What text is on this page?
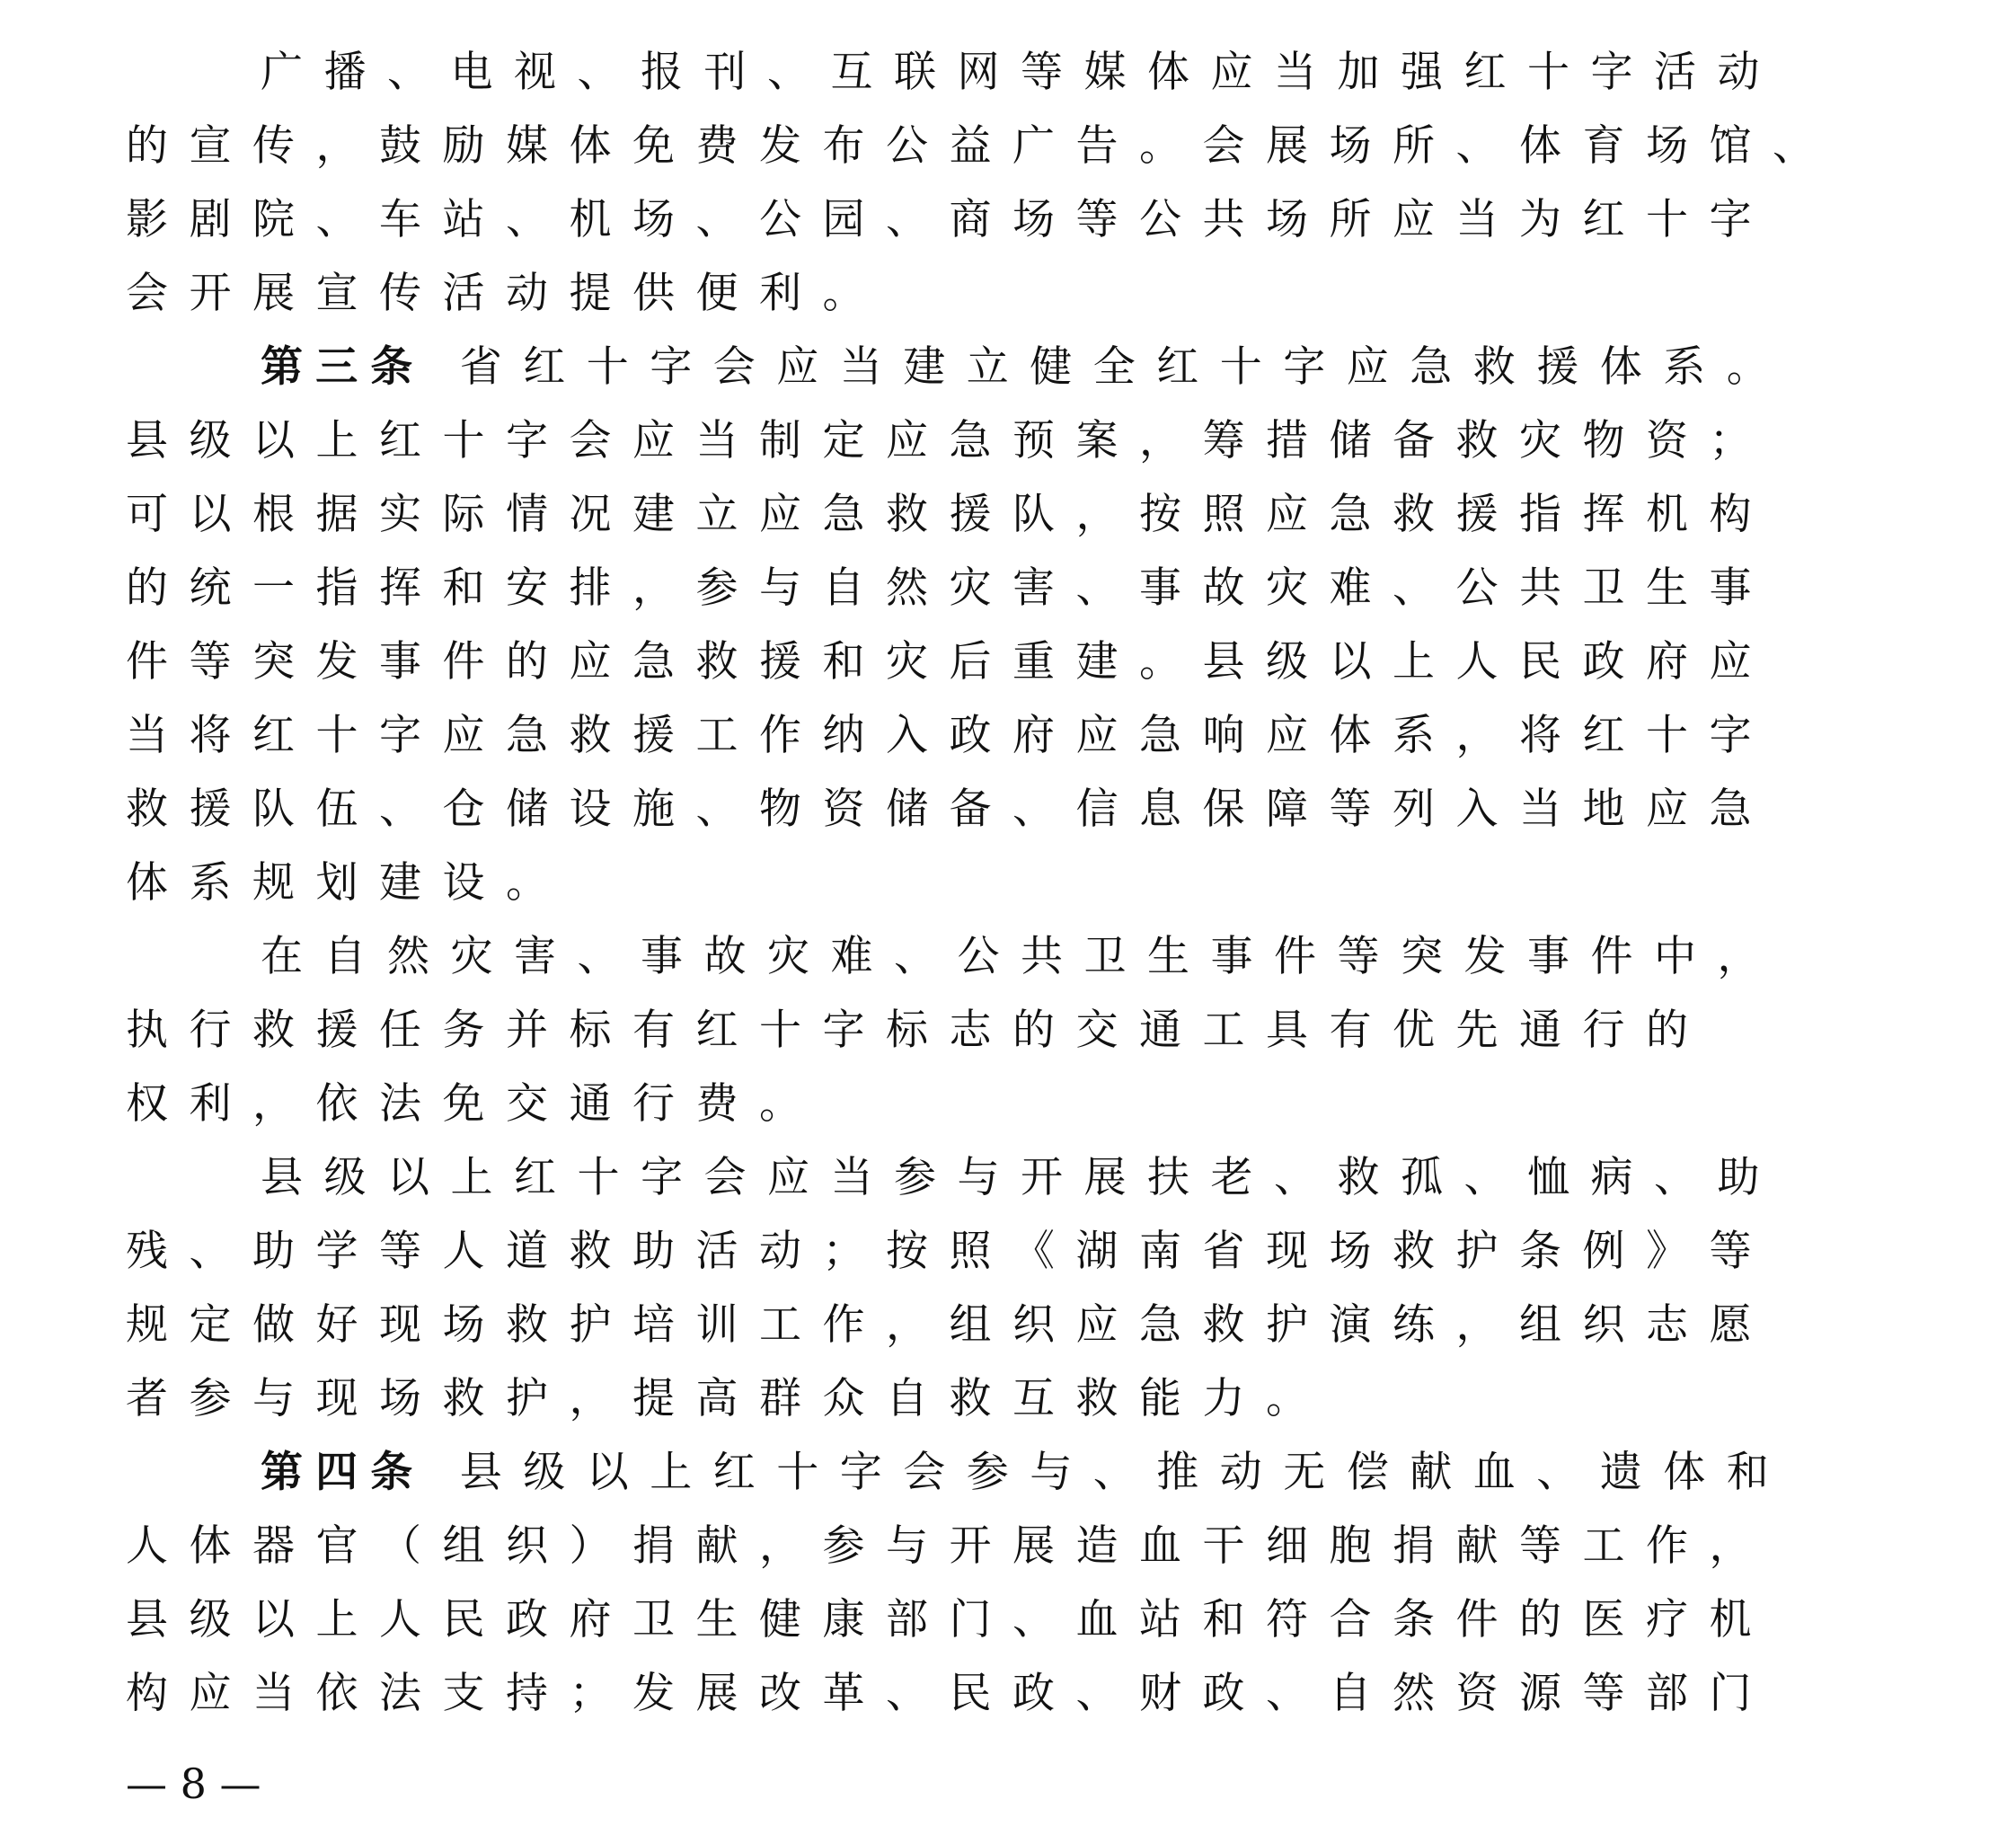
广播、电视、报刊、互联网等媒体应当加强红十字活动
的宣传，鼓励媒体免费发布公益广告。会展场所、体育场馆、
影剧院、车站、机场、公园、商场等公共场所应当为红十字
会开展宣传活动提供便利。
第三条 省红十字会应当建立健全红十字应急救援体系。
县级以上红十字会应当制定应急预案，筹措储备救灾物资；
可以根据实际情况建立应急救援队，按照应急救援指挥机构
的统一指挥和安排，参与自然灾害、事故灾难、公共卫生事
件等突发事件的应急救援和灾后重建。县级以上人民政府应
当将红十字应急救援工作纳入政府应急响应体系，将红十字
救援队伍、仓储设施、物资储备、信息保障等列入当地应急
体系规划建设。
在自然灾害、事故灾难、公共卫生事件等突发事件中，
执行救援任务并标有红十字标志的交通工具有优先通行的
权利，依法免交通行费。
县级以上红十字会应当参与开展扶老、救孤、恤病、助
残、助学等人道救助活动；按照《湖南省现场救护条例》等
规定做好现场救护培训工作，组织应急救护演练，组织志愿
者参与现场救护，提高群众自救互救能力。
第四条 县级以上红十字会参与、推动无偿献血、遗体和
人体器官（组织）捐献，参与开展造血干细胞捐献等工作，
县级以上人民政府卫生健康部门、血站和符合条件的医疗机
构应当依法支持；发展改革、民政、财政、自然资源等部门
— 8 —
